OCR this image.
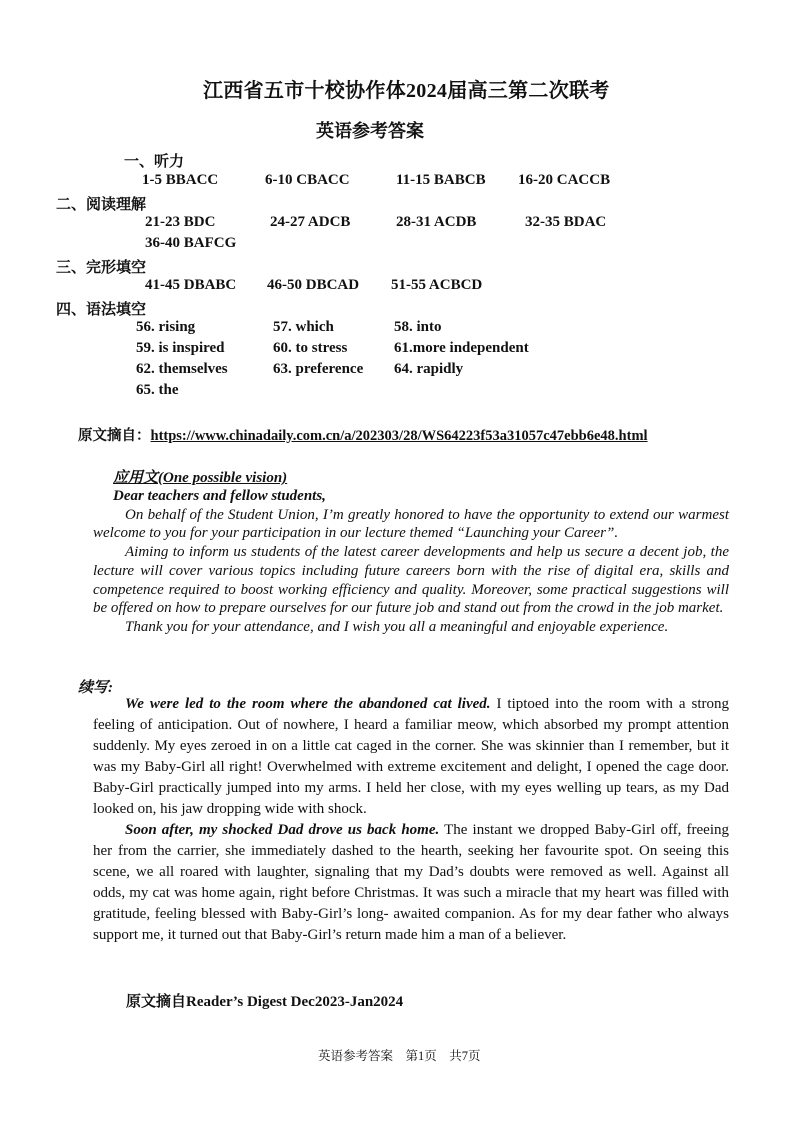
江西省五市十校协作体2024届高三第二次联考
英语参考答案
一、听力
1-5 BBACC	6-10 CBACC	11-15 BABCB 16-20 CACCB
二、阅读理解
21-23 BDC	24-27 ADCB	28-31 ACDB	32-35 BDAC
36-40 BAFCG
三、完形填空
41-45 DBABC 46-50 DBCAD 51-55 ACBCD
四、语法填空
56. rising	57. which	58. into
59. is inspired	60. to stress	61.more independent
62. themselves	63. preference 64. rapidly
65. the
原文摘自：https://www.chinadaily.com.cn/a/202303/28/WS64223f53a31057c47ebb6e48.html
应用文(One possible vision)

Dear teachers and fellow students,

On behalf of the Student Union, I’m greatly honored to have the opportunity to extend our warmest welcome to you for your participation in our lecture themed “Launching your Career”.

Aiming to inform us students of the latest career developments and help us secure a decent job, the lecture will cover various topics including future careers born with the rise of digital era, skills and competence required to boost working efficiency and quality. Moreover, some practical suggestions will be offered on how to prepare ourselves for our future job and stand out from the crowd in the job market.

Thank you for your attendance, and I wish you all a meaningful and enjoyable experience.

续写:

We were led to the room where the abandoned cat lived. I tiptoed into the room with a strong feeling of anticipation. Out of nowhere, I heard a familiar meow, which absorbed my prompt attention suddenly. My eyes zeroed in on a little cat caged in the corner. She was skinnier than I remember, but it was my Baby-Girl all right! Overwhelmed with extreme excitement and delight, I opened the cage door. Baby-Girl practically jumped into my arms. I held her close, with my eyes welling up tears, as my Dad looked on, his jaw dropping wide with shock.

Soon after, my shocked Dad drove us back home. The instant we dropped Baby-Girl off, freeing her from the carrier, she immediately dashed to the hearth, seeking her favourite spot. On seeing this scene, we all roared with laughter, signaling that my Dad’s doubts were removed as well. Against all odds, my cat was home again, right before Christmas. It was such a miracle that my heart was filled with gratitude, feeling blessed with Baby-Girl’s long- awaited companion. As for my dear father who always support me, it turned out that Baby-Girl’s return made him a man of a believer.

原文摘自Reader’s Digest Dec2023-Jan2024
英语参考答案    第1页    共7页
